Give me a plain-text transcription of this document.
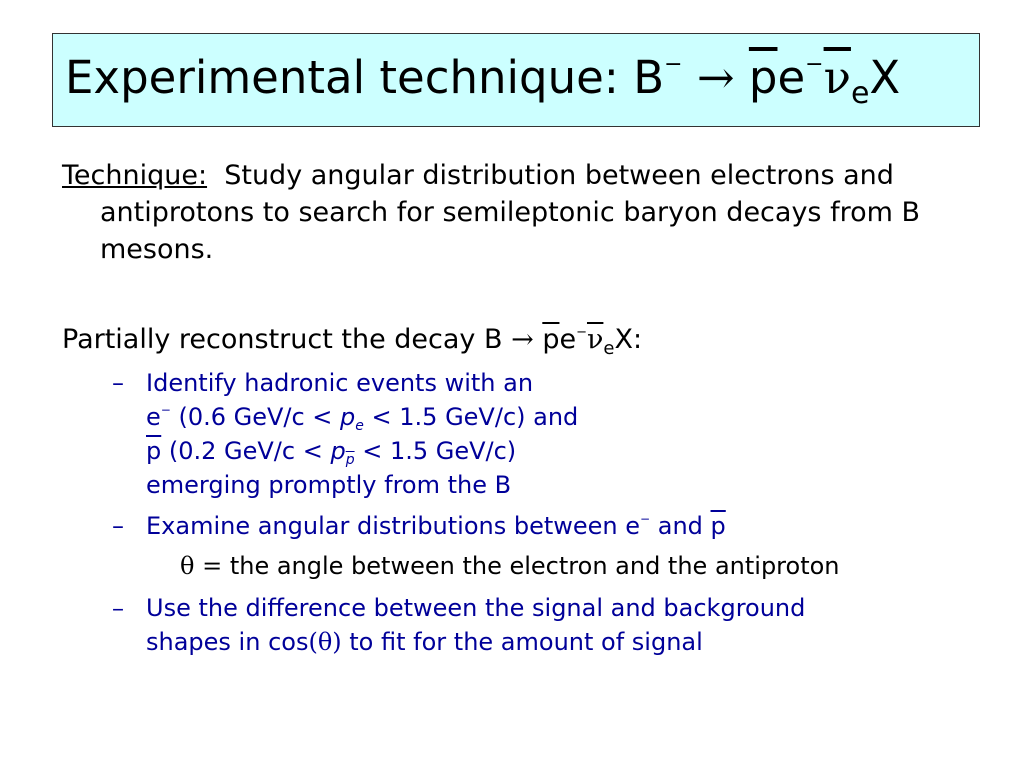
Experimental technique: $B^- \to \overline{p}e^-\overline{\nu}_eX$
Technique: Study angular distribution between electrons and antiprotons to search for semileptonic baryon decays from B mesons.
Partially reconstruct the decay $B \to \overline{p}e^-\overline{\nu}_eX$:
– Identify hadronic events with an
e− (0.6 $GeV/c < p_e < 1.5$ GeV/c) and
$\overline{p}$ (0.2 $GeV/c < p_{\overline{p}} < 1.5$ GeV/c)
emerging promptly from the B
– Examine angular distributions between e− and $\overline{p}$
θ = the angle between the electron and the antiproton
– Use the difference between the signal and background
shapes in cos(θ) to fit for the amount of signal
